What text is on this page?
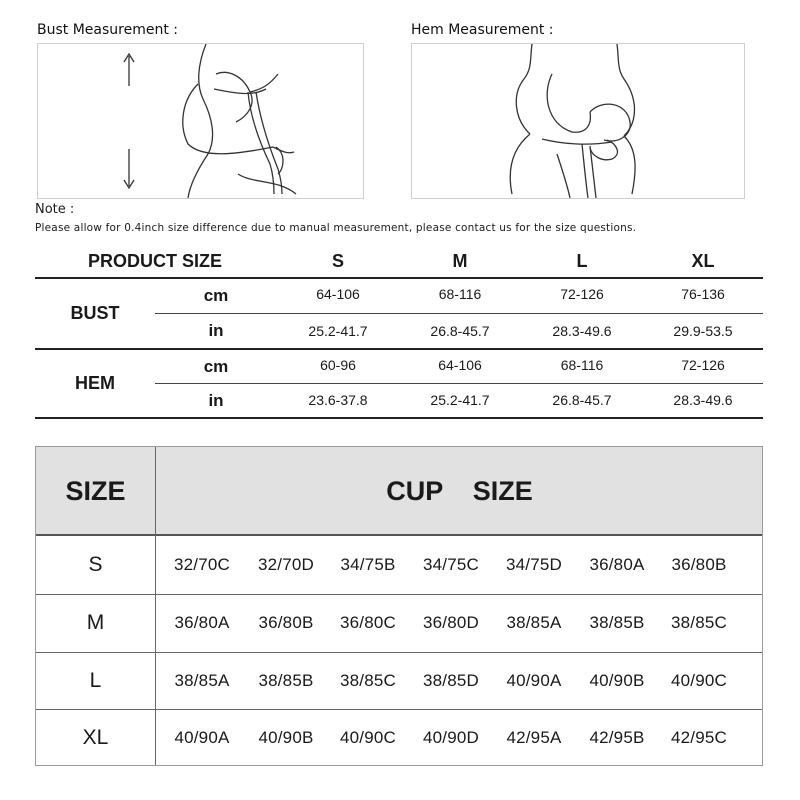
Bust Measurement :	Hem Measurement :
Note :
Please allow for 0.4inch size difference due to manual measurement, please contact us for the size questions.
PRODUCT SIZE	S	M	L	XL
BUST
cm	64-106	68-116	72-126	76-136
in	25.2-41.7	26.8-45.7	28.3-49.6	29.9-53.5
HEM
cm	60-96	64-106	68-116	72-126
in	23.6-37.8	25.2-41.7	26.8-45.7	28.3-49.6
SIZE	CUP    SIZE
S	32/70C	32/70D	34/75B	34/75C	34/75D	36/80A	36/80B
M	36/80A	36/80B	36/80C	36/80D	38/85A	38/85B	38/85C
L	38/85A	38/85B	38/85C	38/85D	40/90A	40/90B	40/90C
XL	40/90A	40/90B	40/90C	40/90D	42/95A	42/95B	42/95C
